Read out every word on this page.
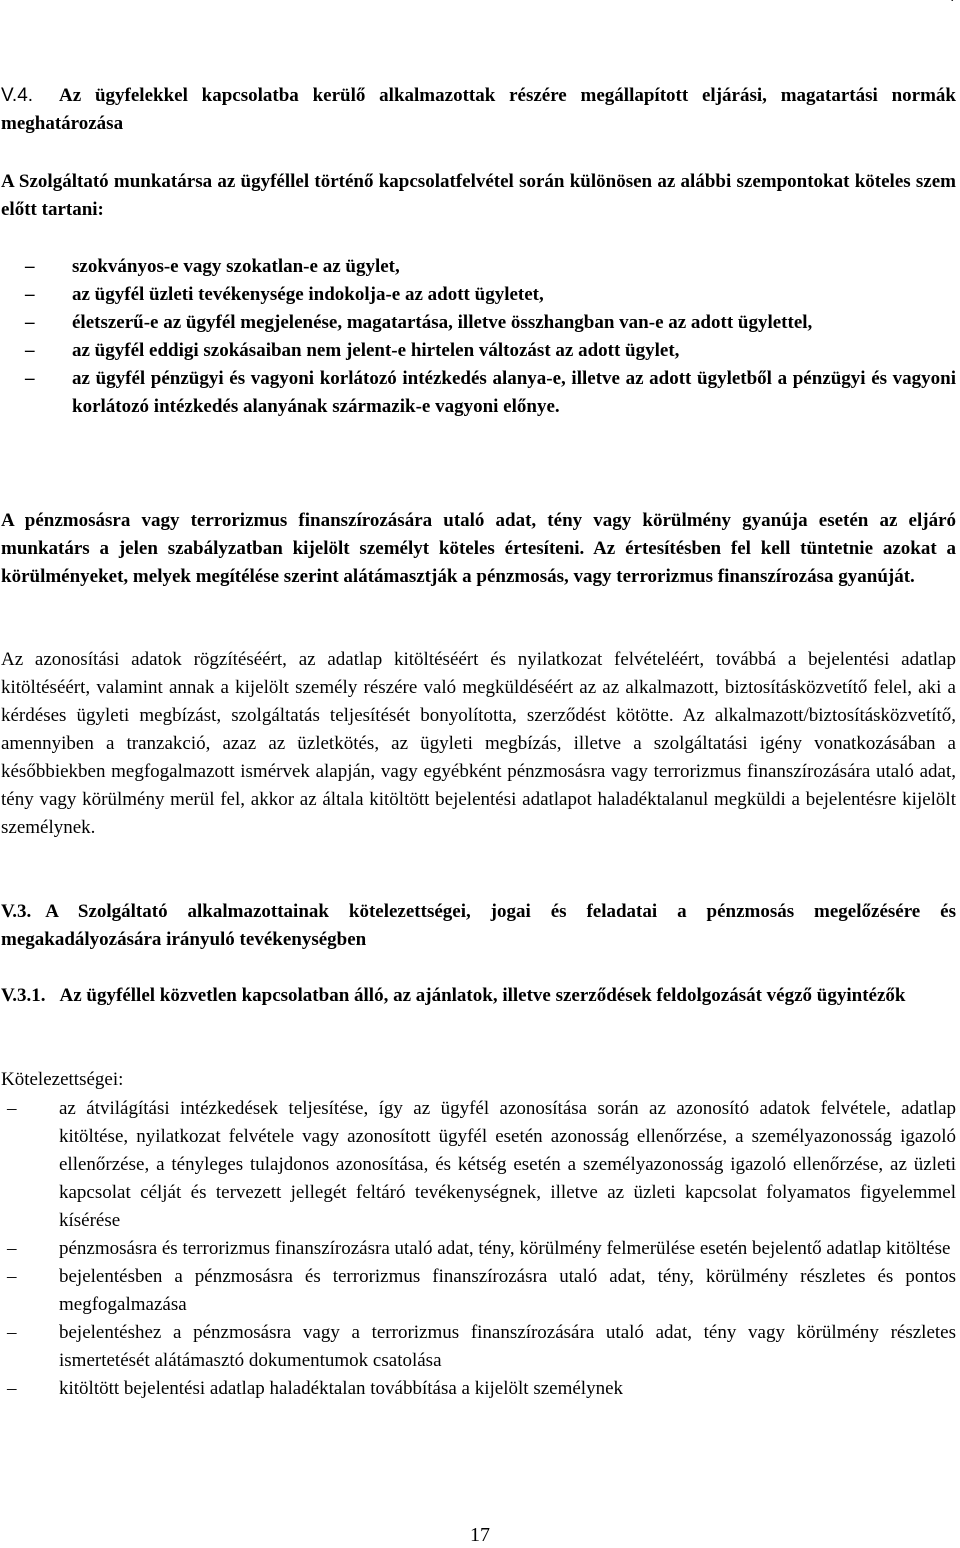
V.4. Az ügyfelekkel kapcsolatba kerülő alkalmazottak részére megállapított eljárási, magatartási normák meghatározása
A Szolgáltató munkatársa az ügyféllel történő kapcsolatfelvétel során különösen az alábbi szempontokat köteles szem előtt tartani:
– szokványos-e vagy szokatlan-e az ügylet,
– az ügyfél üzleti tevékenysége indokolja-e az adott ügyletet,
– életszerű-e az ügyfél megjelenése, magatartása, illetve összhangban van-e az adott ügylettel,
– az ügyfél eddigi szokásaiban nem jelent-e hirtelen változást az adott ügylet,
– az ügyfél pénzügyi és vagyoni korlátozó intézkedés alanya-e, illetve az adott ügyletből a pénzügyi és vagyoni korlátozó intézkedés alanyának származik-e vagyoni előnye.
A pénzmosásra vagy terrorizmus finanszírozására utaló adat, tény vagy körülmény gyanúja esetén az eljáró munkatárs a jelen szabályzatban kijelölt személyt köteles értesíteni. Az értesítésben fel kell tüntetnie azokat a körülményeket, melyek megítélése szerint alátámasztják a pénzmosás, vagy terrorizmus finanszírozása gyanúját.
Az azonosítási adatok rögzítéséért, az adatlap kitöltéséért és nyilatkozat felvételéért, továbbá a bejelentési adatlap kitöltéséért, valamint annak a kijelölt személy részére való megküldéséért az az alkalmazott, biztosításközvetítő felel, aki a kérdéses ügyleti megbízást, szolgáltatás teljesítését bonyolította, szerződést kötötte. Az alkalmazott/biztosításközvetítő, amennyiben a tranzakció, azaz az üzletkötés, az ügyleti megbízás, illetve a szolgáltatási igény vonatkozásában a későbbiekben megfogalmazott ismérvek alapján, vagy egyébként pénzmosásra vagy terrorizmus finanszírozására utaló adat, tény vagy körülmény merül fel, akkor az általa kitöltött bejelentési adatlapot haladéktalanul megküldi a bejelentésre kijelölt személynek.
V.3. A Szolgáltató alkalmazottainak kötelezettségei, jogai és feladatai a pénzmosás megelőzésére és megakadályozására irányuló tevékenységben
V.3.1. Az ügyféllel közvetlen kapcsolatban álló, az ajánlatok, illetve szerződések feldolgozását végző ügyintézők
Kötelezettségei:
– az átvilágítási intézkedések teljesítése, így az ügyfél azonosítása során az azonosító adatok felvétele, adatlap kitöltése, nyilatkozat felvétele vagy azonosított ügyfél esetén azonosság ellenőrzése, a személyazonosság igazoló ellenőrzése, a tényleges tulajdonos azonosítása, és kétség esetén a személyazonosság igazoló ellenőrzése, az üzleti kapcsolat célját és tervezett jellegét feltáró tevékenységnek, illetve az üzleti kapcsolat folyamatos figyelemmel kísérése
– pénzmosásra és terrorizmus finanszírozásra utaló adat, tény, körülmény felmerülése esetén bejelentő adatlap kitöltése
– bejelentésben a pénzmosásra és terrorizmus finanszírozásra utaló adat, tény, körülmény részletes és pontos megfogalmazása
– bejelentéshez a pénzmosásra vagy a terrorizmus finanszírozására utaló adat, tény vagy körülmény részletes ismertetését alátámasztó dokumentumok csatolása
– kitöltött bejelentési adatlap haladéktalan továbbítása a kijelölt személynek
17
